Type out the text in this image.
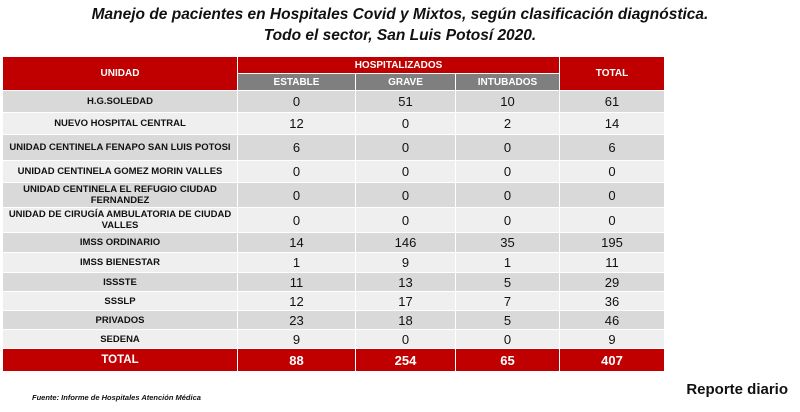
Manejo de pacientes en Hospitales Covid y Mixtos, según clasificación diagnóstica.
Todo el sector, San Luis Potosí 2020.
UNIDAD	HOSPITALIZADOS			TOTAL
	ESTABLE	GRAVE	INTUBADOS	
H.G.SOLEDAD	0	51	10	61
NUEVO HOSPITAL CENTRAL	12	0	2	14
UNIDAD CENTINELA FENAPO SAN LUIS POTOSI	6	0	0	6
UNIDAD CENTINELA GOMEZ MORIN VALLES	0	0	0	0
UNIDAD CENTINELA EL REFUGIO CIUDAD FERNANDEZ	0	0	0	0
UNIDAD DE CIRUGÍA AMBULATORIA DE CIUDAD VALLES	0	0	0	0
IMSS ORDINARIO	14	146	35	195
IMSS BIENESTAR	1	9	1	11
ISSSTE	11	13	5	29
SSSLP	12	17	7	36
PRIVADOS	23	18	5	46
SEDENA	9	0	0	9
TOTAL	88	254	65	407
Fuente: Informe de Hospitales Atención Médica	Reporte diario
